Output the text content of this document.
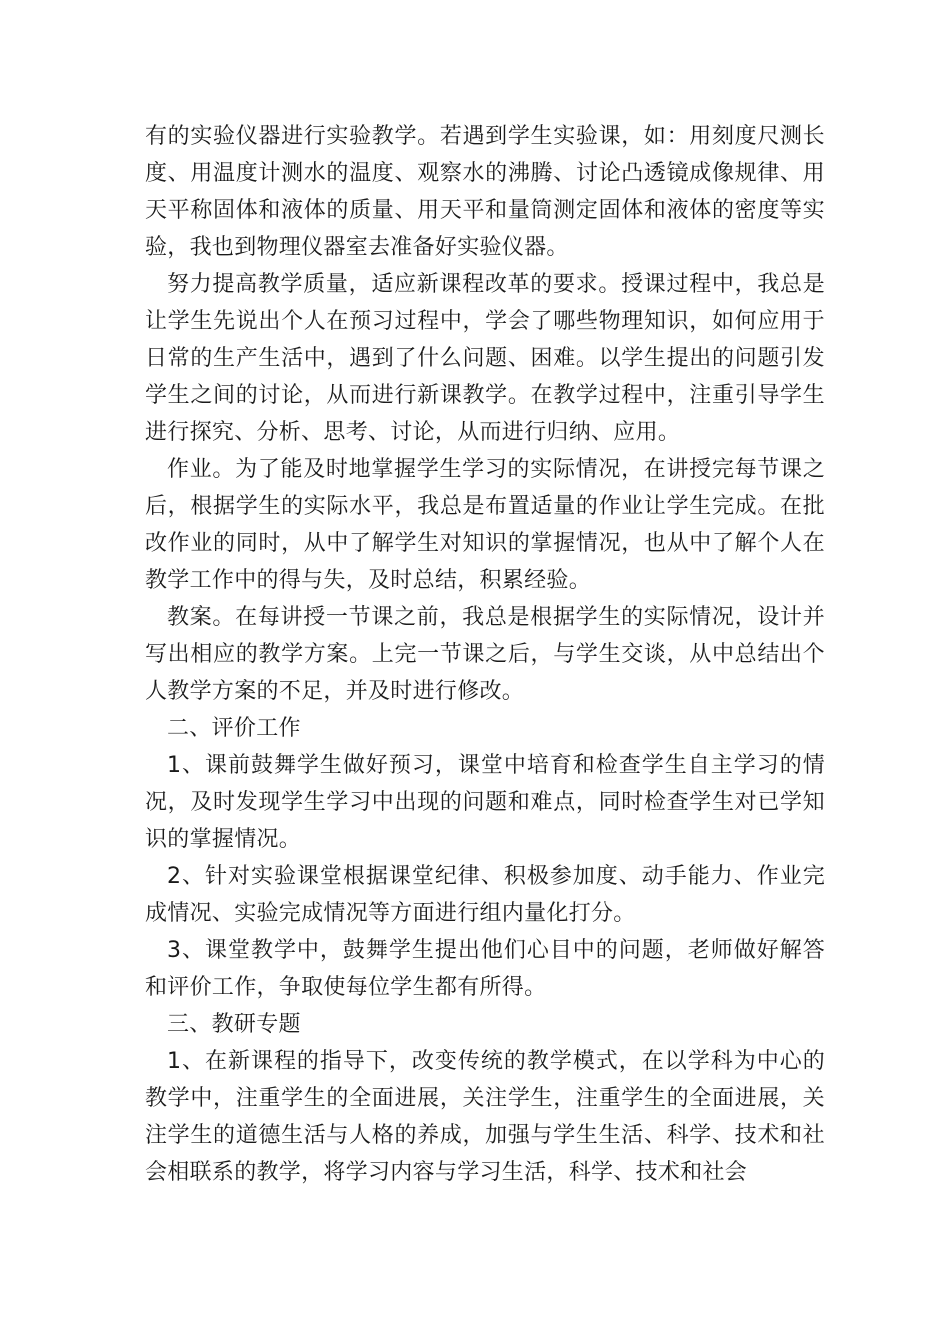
有的实验仪器进行实验教学。若遇到学生实验课，如：用刻度尺测长度、用温度计测水的温度、观察水的沸腾、讨论凸透镜成像规律、用天平称固体和液体的质量、用天平和量筒测定固体和液体的密度等实验，我也到物理仪器室去准备好实验仪器。

努力提高教学质量，适应新课程改革的要求。授课过程中，我总是让学生先说出个人在预习过程中，学会了哪些物理知识，如何应用于日常的生产生活中，遇到了什么问题、困难。以学生提出的问题引发学生之间的讨论，从而进行新课教学。在教学过程中，注重引导学生进行探究、分析、思考、讨论，从而进行归纳、应用。

作业。为了能及时地掌握学生学习的实际情况，在讲授完每节课之后，根据学生的实际水平，我总是布置适量的作业让学生完成。在批改作业的同时，从中了解学生对知识的掌握情况，也从中了解个人在教学工作中的得与失，及时总结，积累经验。

教案。在每讲授一节课之前，我总是根据学生的实际情况，设计并写出相应的教学方案。上完一节课之后，与学生交谈，从中总结出个人教学方案的不足，并及时进行修改。

二、评价工作

1、课前鼓舞学生做好预习，课堂中培育和检查学生自主学习的情况，及时发现学生学习中出现的问题和难点，同时检查学生对已学知识的掌握情况。

2、针对实验课堂根据课堂纪律、积极参加度、动手能力、作业完成情况、实验完成情况等方面进行组内量化打分。

3、课堂教学中，鼓舞学生提出他们心目中的问题，老师做好解答和评价工作，争取使每位学生都有所得。

三、教研专题

1、在新课程的指导下，改变传统的教学模式，在以学科为中心的教学中，注重学生的全面进展，关注学生，注重学生的全面进展，关注学生的道德生活与人格的养成，加强与学生生活、科学、技术和社会相联系的教学，将学习内容与学习生活，科学、技术和社会
